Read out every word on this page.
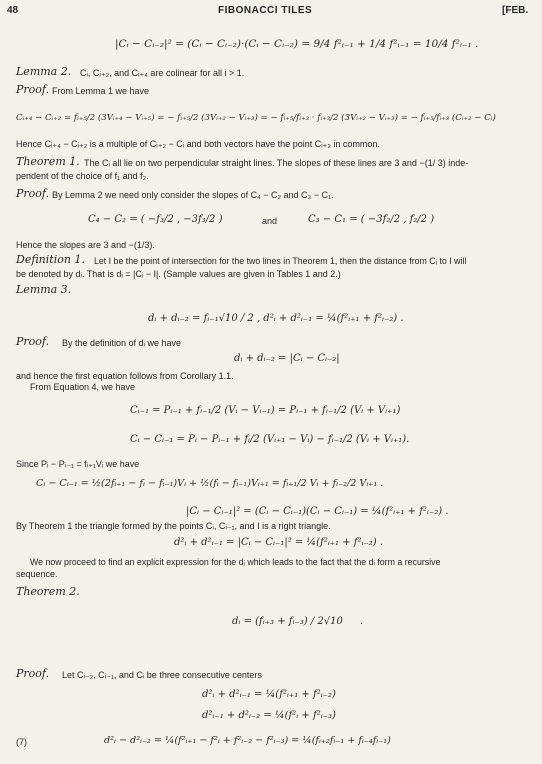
48	FIBONACCI TILES	[FEB.
|Cᵢ − Cᵢ₋₂|² = (Cᵢ − Cᵢ₋₂)·(Cᵢ − Cᵢ₋₂) = 9/4 f²ᵢ₋₁ + 1/4 f²ᵢ₋₁ = 10/4 f²ᵢ₋₁ .
Lemma 2. Cᵢ, Cᵢ₊₂, and Cᵢ₊₄ are colinear for all i > 1.
Proof. From Lemma 1 we have
Cᵢ₊₄ − Cᵢ₊₂ = fᵢ₊₅/2 (3Vᵢ₊₄ − Vᵢ₊₅) = − fᵢ₊₅/2 (3Vᵢ₊₂ − Vᵢ₊₃) = − fᵢ₊₅/fᵢ₊₃ · fᵢ₊₃/2 (3Vᵢ₊₂ − Vᵢ₊₃) = − fᵢ₊₅/fᵢ₊₃ (Cᵢ₊₂ − Cᵢ)
Hence Cᵢ₊₄ − Cᵢ₊₂ is a multiple of Cᵢ₊₂ − Cᵢ and both vectors have the point Cᵢ₊₂ in common.
Theorem 1. The Cᵢ all lie on two perpendicular straight lines. The slopes of these lines are 3 and −(1/ 3) inde-
pendent of the choice of f₁ and f₂.
Proof. By Lemma 2 we need only consider the slopes of C₄ − C₂ and C₃ − C₁.
C₄ − C₂ = ( −f₃/2 , −3f₃/2 )	and	C₃ − C₁ = ( −3f₂/2 , f₂/2 )
Hence the slopes are 3 and −(1/3).
Definition 1. Let I be the point of intersection for the two lines in Theorem 1, then the distance from Cᵢ to I will
be denoted by dᵢ. That is dᵢ = |Cᵢ − I|. (Sample values are given in Tables 1 and 2.)
Lemma 3.
dᵢ + dᵢ₋₂ = fᵢ₋₁√10 / 2 , d²ᵢ + d²ᵢ₋₁ = ¼(f²ᵢ₊₁ + f²ᵢ₋₂) .
Proof. By the definition of dᵢ we have
dᵢ + dᵢ₋₂ = |Cᵢ − Cᵢ₋₂|
and hence the first equation follows from Corollary 1.1.
From Equation 4, we have
Cᵢ₋₁ = Pᵢ₋₁ + fᵢ₋₁/2 (Vᵢ − Vᵢ₋₁) = Pᵢ₋₁ + fᵢ₋₁/2 (Vᵢ + Vᵢ₊₁)
Cᵢ − Cᵢ₋₁ = Pᵢ − Pᵢ₋₁ + fᵢ/2 (Vᵢ₊₁ − Vᵢ) − fᵢ₋₁/2 (Vᵢ + Vᵢ₊₁).
Since Pᵢ − Pᵢ₋₁ = fᵢ₊₁Vᵢ we have
Cᵢ − Cᵢ₋₁ = ½(2fᵢ₊₁ − fᵢ − fᵢ₋₁)Vᵢ + ½(fᵢ − fᵢ₋₁)Vᵢ₊₁ = fᵢ₊₁/2 Vᵢ + fᵢ₋₂/2 Vᵢ₊₁ .
|Cᵢ − Cᵢ₋₁|² = (Cᵢ − Cᵢ₋₁)(Cᵢ − Cᵢ₋₁) = ¼(f²ᵢ₊₁ + f²ᵢ₋₂) .
By Theorem 1 the triangle formed by the points Cᵢ, Cᵢ₋₁, and I is a right triangle.
d²ᵢ + d²ᵢ₋₁ = |Cᵢ − Cᵢ₋₁|² = ¼(f²ᵢ₊₁ + f²ᵢ₋₂) .
We now proceed to find an explicit expression for the dᵢ which leads to the fact that the dᵢ form a recursive
sequence.
Theorem 2.
dᵢ = (fᵢ₊₃ + fᵢ₋₃) / 2√10 .
Proof. Let Cᵢ₋₂, Cᵢ₋₁, and Cᵢ be three consecutive centers
d²ᵢ + d²ᵢ₋₁ = ¼(f²ᵢ₊₁ + f²ᵢ₋₂)
d²ᵢ₋₁ + d²ᵢ₋₂ = ¼(f²ᵢ + f²ᵢ₋₃)
(7)	d²ᵢ − d²ᵢ₋₂ = ¼(f²ᵢ₊₁ − f²ᵢ + f²ᵢ₋₂ − f²ᵢ₋₃) = ¼(fᵢ₊₂fᵢ₋₁ + fᵢ₋₄fᵢ₋₁)
